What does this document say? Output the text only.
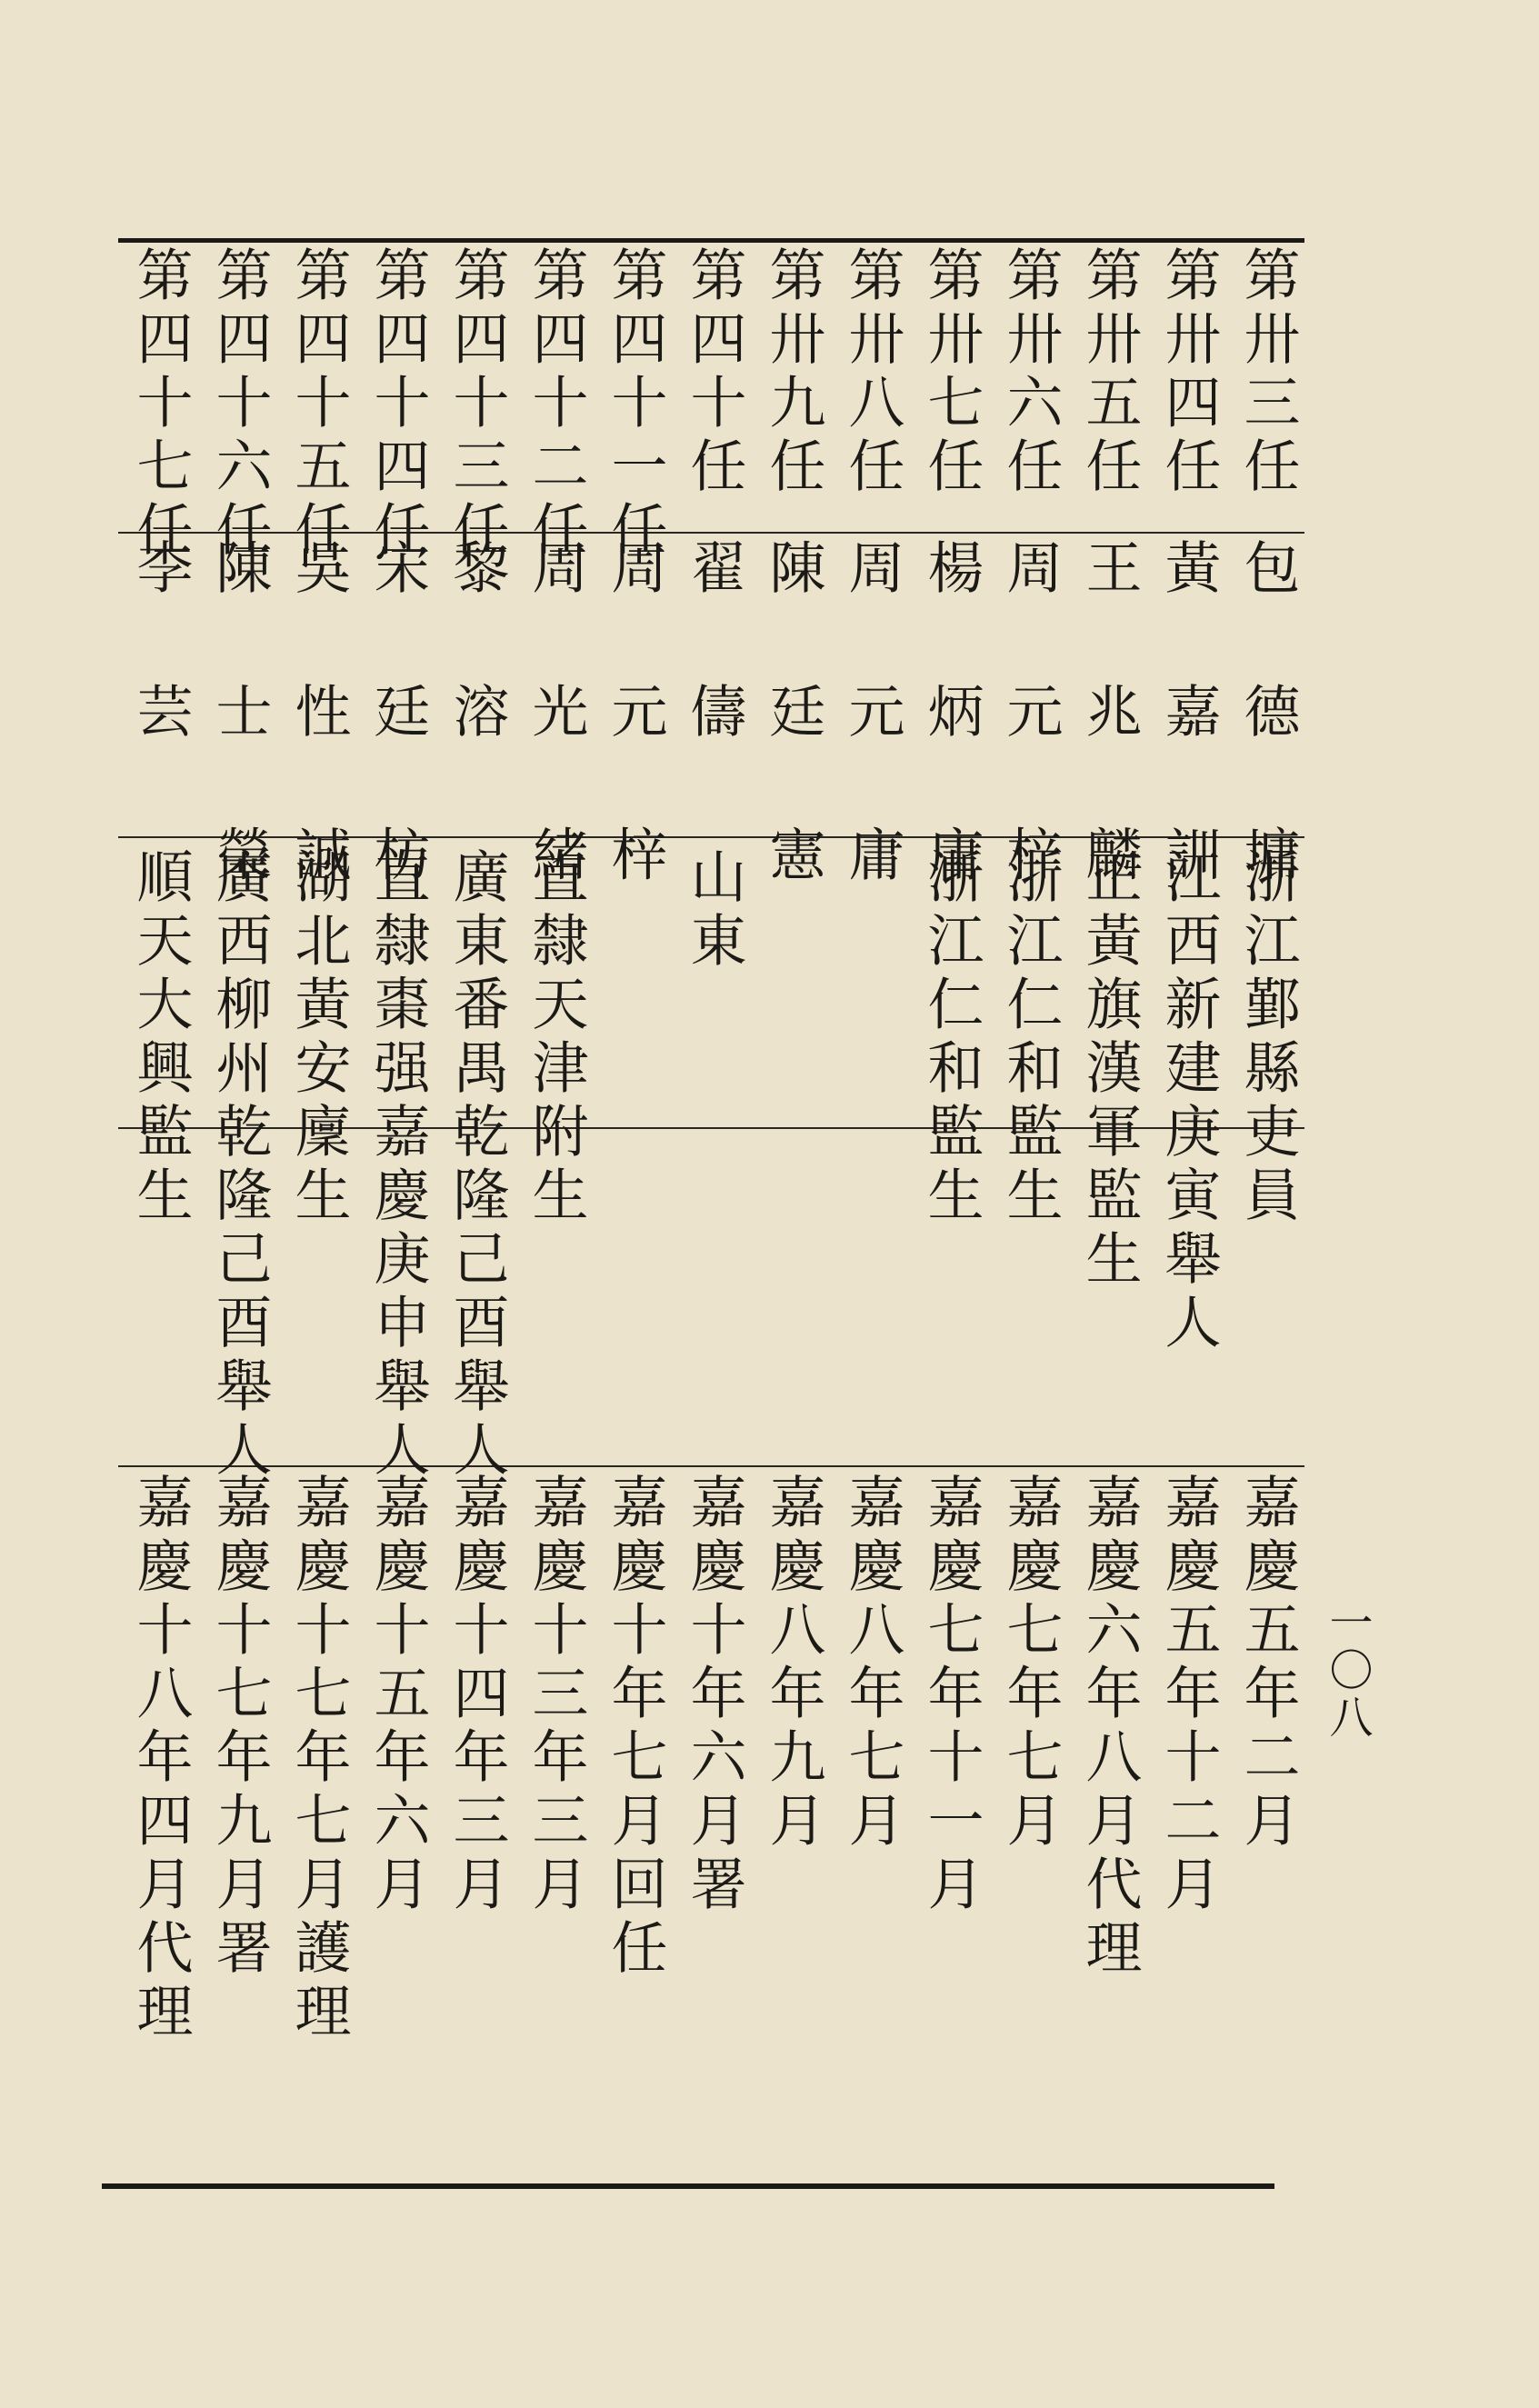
第卅三任
包 德 墉
浙江鄞縣吏員
嘉慶五年二月
第卅四任
黃 嘉 訓
江西新建庚寅舉人
嘉慶五年十二月
第卅五任
王 兆 麟
正黃旗漢軍監生
嘉慶六年八月代理
第卅六任
周 元 梓
浙江仁和監生
嘉慶七年七月
第卅七任
楊 炳 庸
浙江仁和監生
嘉慶七年十一月
第卅八任
周 元 庸
嘉慶八年七月
第卅九任
陳 廷 憲
嘉慶八年九月
第四十任
翟 儔
山東
嘉慶十年六月署
第四十一任
周 元 梓
嘉慶十年七月回任
第四十二任
周 光 緒
直隸天津附生
嘉慶十三年三月
第四十三任
黎 溶
廣東番禺乾隆己酉舉人
嘉慶十四年三月
第四十四任
宋 廷 枋
直隸棗强嘉慶庚申舉人
嘉慶十五年六月
第四十五任
吳 性 誠
湖北黃安廩生
嘉慶十七年七月護理
第四十六任
陳 士 榮
廣西柳州乾隆己酉舉人
嘉慶十七年九月署
第四十七任
李 芸
順天大興監生
嘉慶十八年四月代理	一〇八
